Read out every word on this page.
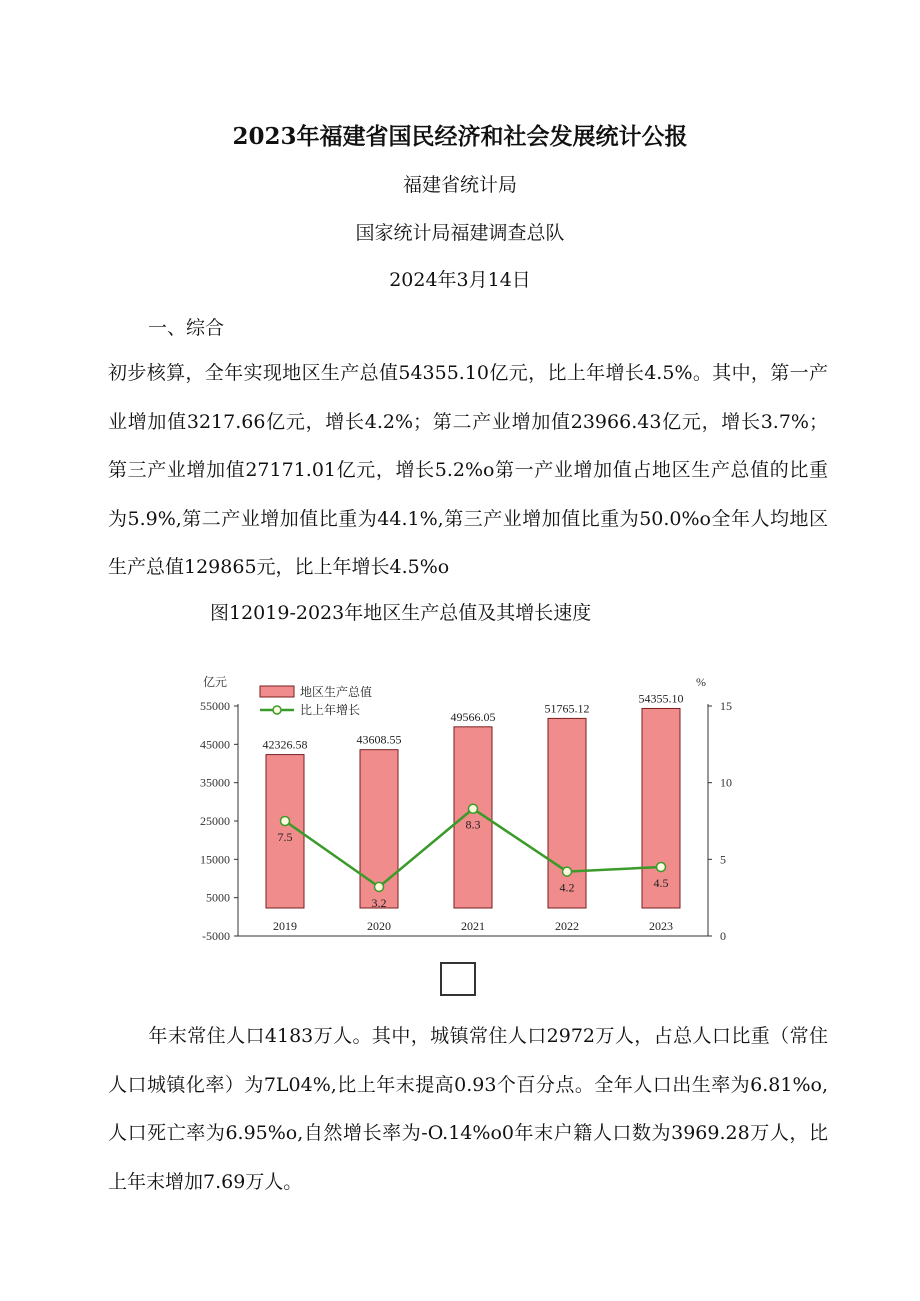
2023年福建省国民经济和社会发展统计公报
福建省统计局
国家统计局福建调查总队
2024年3月14日
一、综合
初步核算，全年实现地区生产总值54355.10亿元，比上年增长4.5%。其中，第一产业增加值3217.66亿元，增长4.2%；第二产业增加值23966.43亿元，增长3.7%；第三产业增加值27171.01亿元，增长5.2%o第一产业增加值占地区生产总值的比重为5.9%,第二产业增加值比重为44.1%,第三产业增加值比重为50.0%o全年人均地区生产总值129865元，比上年增长4.5%o
图12019-2023年地区生产总值及其增长速度
42326.58	43608.55
49566.05
51765.12
54355.10
亿元
55000
45000
35000
25000
15000
5000
-5000
%
15
10
5
0
2019	2020	2021	2022	2023
7.5
3.2
8.3
4.2	4.5
地区生产总值
比上年增长
年末常住人口4183万人。其中，城镇常住人口2972万人，占总人口比重（常住人口城镇化率）为7L04%,比上年末提高0.93个百分点。全年人口出生率为6.81%o,人口死亡率为6.95%o,自然增长率为-O.14%o0年末户籍人口数为3969.28万人，比上年末增加7.69万人。
